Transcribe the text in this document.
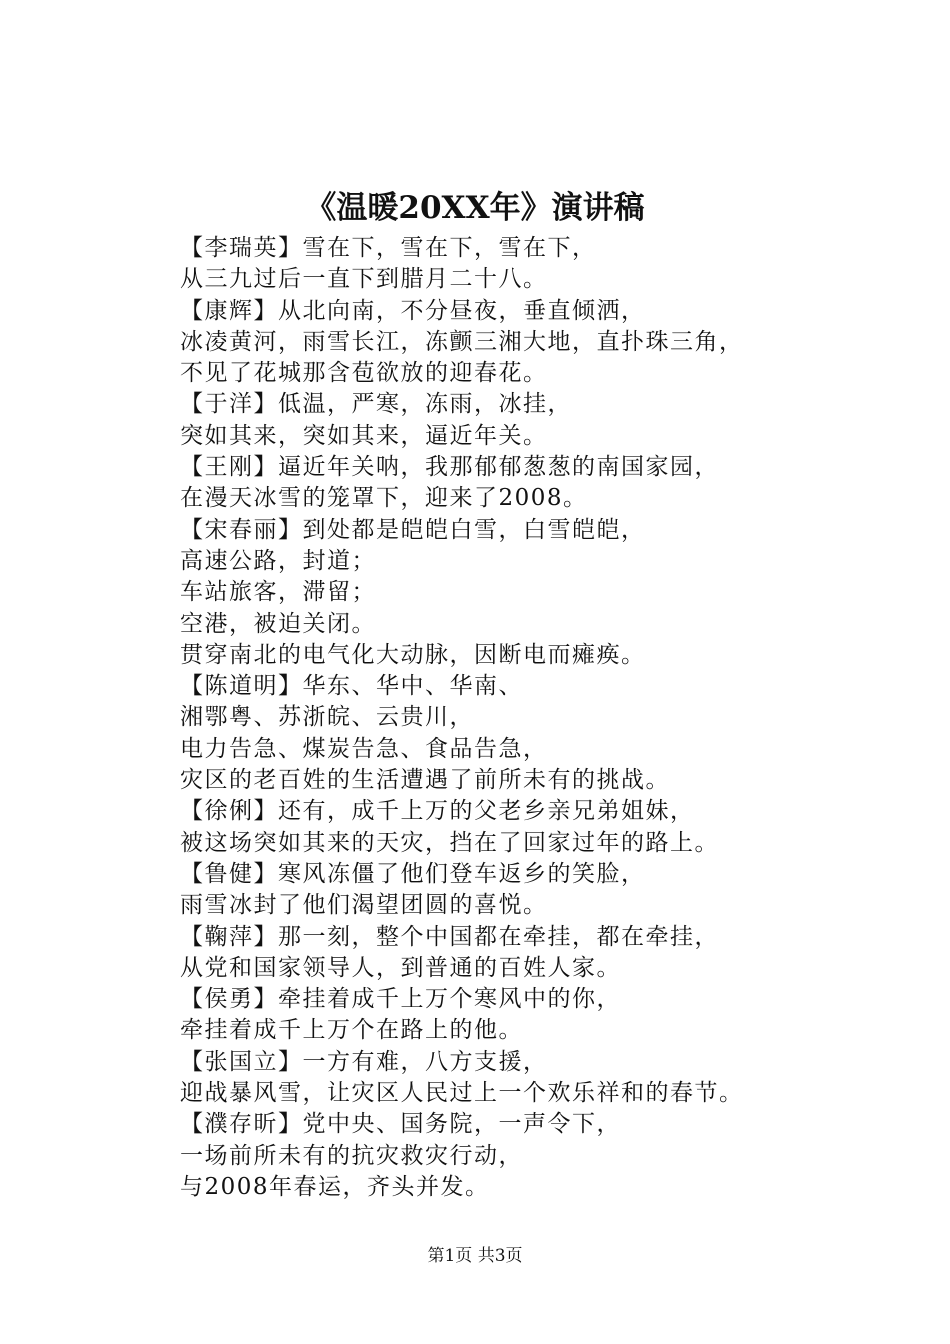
《温暖20XX年》演讲稿
【李瑞英】雪在下，雪在下，雪在下，
从三九过后一直下到腊月二十八。
【康辉】从北向南，不分昼夜，垂直倾洒，
冰凌黄河，雨雪长江，冻颤三湘大地，直扑珠三角，
不见了花城那含苞欲放的迎春花。
【于洋】低温，严寒，冻雨，冰挂，
突如其来，突如其来，逼近年关。
【王刚】逼近年关呐，我那郁郁葱葱的南国家园，
在漫天冰雪的笼罩下，迎来了2008。
【宋春丽】到处都是皑皑白雪，白雪皑皑，
高速公路，封道；
车站旅客，滞留；
空港，被迫关闭。
贯穿南北的电气化大动脉，因断电而瘫痪。
【陈道明】华东、华中、华南、
湘鄂粤、苏浙皖、云贵川，
电力告急、煤炭告急、食品告急，
灾区的老百姓的生活遭遇了前所未有的挑战。
【徐俐】还有，成千上万的父老乡亲兄弟姐妹，
被这场突如其来的天灾，挡在了回家过年的路上。
【鲁健】寒风冻僵了他们登车返乡的笑脸，
雨雪冰封了他们渴望团圆的喜悦。
【鞠萍】那一刻，整个中国都在牵挂，都在牵挂，
从党和国家领导人，到普通的百姓人家。
【侯勇】牵挂着成千上万个寒风中的你，
牵挂着成千上万个在路上的他。
【张国立】一方有难，八方支援，
迎战暴风雪，让灾区人民过上一个欢乐祥和的春节。
【濮存昕】党中央、国务院，一声令下，
一场前所未有的抗灾救灾行动，
与2008年春运，齐头并发。
第1页 共3页
